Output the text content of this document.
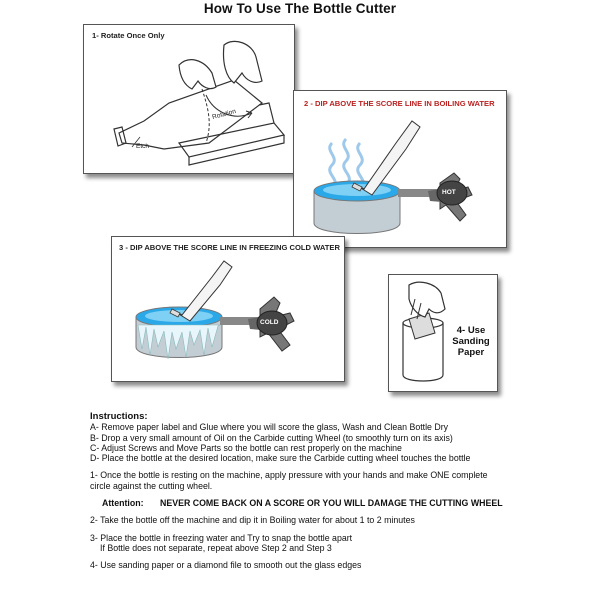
How To Use The Bottle Cutter
1- Rotate Once Only
Rotation
Etch
2 - DIP ABOVE THE SCORE LINE IN BOILING WATER
HOT
3 - DIP ABOVE THE SCORE LINE IN FREEZING COLD WATER
COLD
4- Use
Sanding
Paper
Instructions:
A- Remove paper label and Glue where you will score the glass, Wash and Clean Bottle Dry
B- Drop a very small amount of Oil on the Carbide cutting Wheel (to smoothly turn on its axis)
C- Adjust Screws and Move Parts so the bottle can rest properly on the machine
D- Place the bottle at the desired location, make sure the Carbide cutting wheel touches the bottle
1- Once the bottle is resting on the machine, apply pressure with your hands and make ONE complete
circle against the cutting wheel.
Attention: NEVER COME BACK ON A SCORE OR YOU WILL DAMAGE THE CUTTING WHEEL
2- Take the bottle off the machine and dip it in Boiling water for about 1 to 2 minutes
3- Place the bottle in freezing water and Try to snap the bottle apart
If Bottle does not separate, repeat above Step 2 and Step 3
4- Use sanding paper or a diamond file to smooth out the glass edges
